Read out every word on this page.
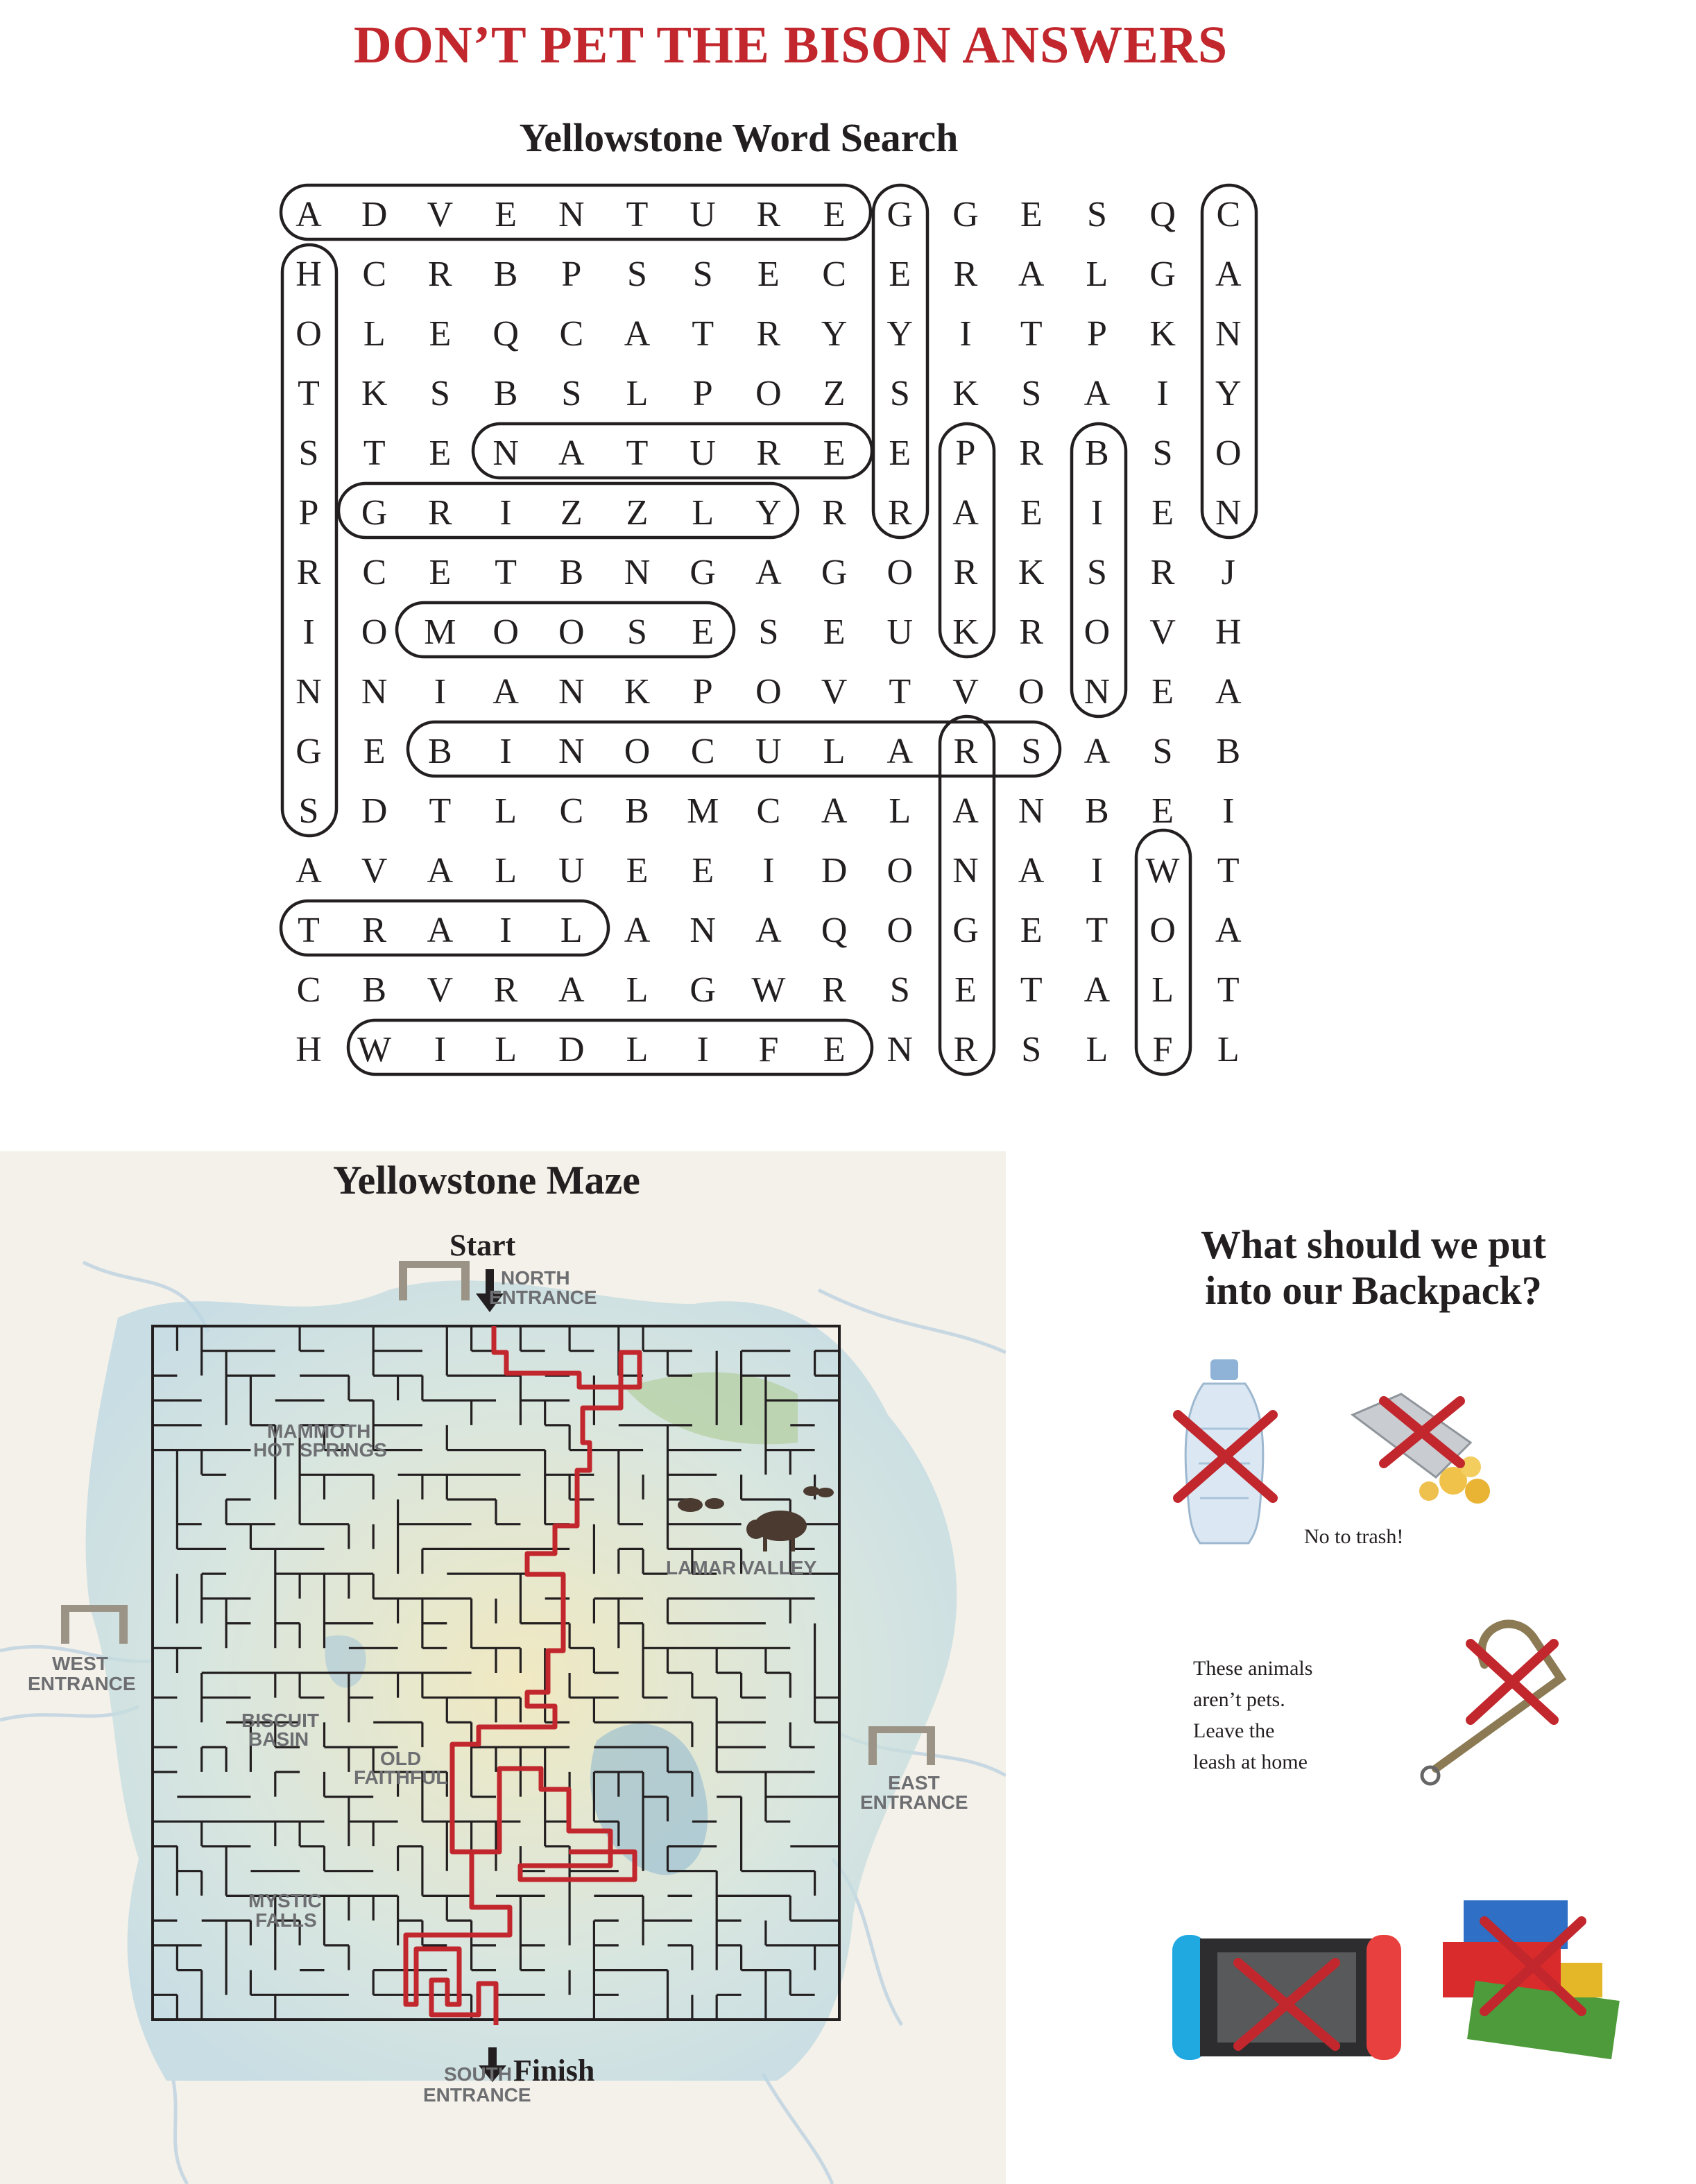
DON’T PET THE BISON ANSWERS
Yellowstone Word Search
A D V E N T U R E G G E S Q C
H C R B P S S E C E R A L G A
O L E Q C A T R Y Y I T P K N
T K S B S L P O Z S K S A I Y
S T E N A T U R E E P R B S O
P G R I Z Z L Y R R A E I E N
R C E T B N G A G O R K S R J
I O M O O S E S E U K R O V H
N N I A N K P O V T V O N E A
G E B I N O C U L A R S A S B
S D T L C B M C A L A N B E I
A V A L U E E I D O N A I W T
T R A I L A N A Q O G E T O A
C B V R A L G W R S E T A L T
H W I L D L I F E N R S L F L
Start
Finish
NORTH
ENTRANCE
MAMMOTH
HOT SPRINGS
LAMAR VALLEY
WEST
ENTRANCE
BISCUIT
BASIN
OLD
FAITHFUL	EAST
ENTRANCE
MYSTIC
FALLS
SOUTH
ENTRANCE
Yellowstone Maze
What should we put
into our Backpack?
No to trash!
These animals
aren’t pets.
Leave the
leash at home
